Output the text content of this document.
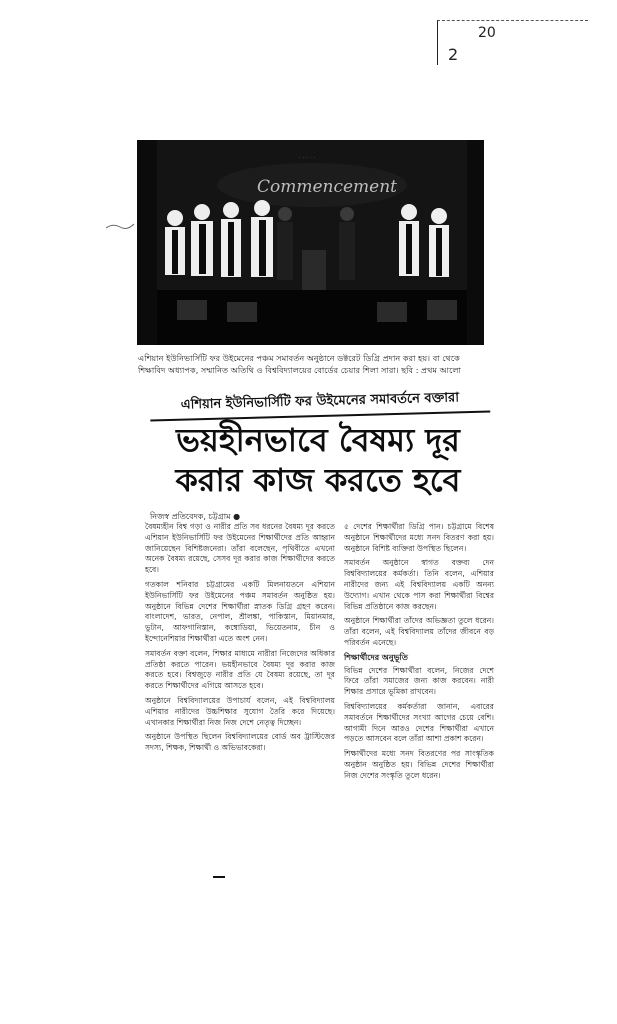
20
2
Commencement
· · · · ·
এশিয়ান ইউনিভার্সিটি ফর উইমেনের পঞ্চম সমাবর্তন অনুষ্ঠানে ডক্টরেট ডিগ্রি প্রদান করা হয়। বা থেকে শিক্ষাবিদ অধ্যাপক, সম্মানিত অতিথি ও বিশ্ববিদ্যালয়ের বোর্ডের চেয়ার শিলা সারা। ছবি : প্রথম আলো
এশিয়ান ইউনিভার্সিটি ফর উইমেনের সমাবর্তনে বক্তারা
ভয়হীনভাবে বৈষম্য দূর
করার কাজ করতে হবে
নিজস্ব প্রতিবেদক, চট্টগ্রাম ●

বৈষম্যহীন বিশ্ব গড়া ও নারীর প্রতি সব ধরনের বৈষম্য দূর করতে এশিয়ান ইউনিভার্সিটি ফর উইমেনের শিক্ষার্থীদের প্রতি আহ্বান জানিয়েছেন বিশিষ্টজনেরা। তাঁরা বলেছেন, পৃথিবীতে এখনো অনেক বৈষম্য রয়েছে, সেসব দূর করার কাজ শিক্ষার্থীদের করতে হবে।

গতকাল শনিবার চট্টগ্রামের একটি মিলনায়তনে এশিয়ান ইউনিভার্সিটি ফর উইমেনের পঞ্চম সমাবর্তন অনুষ্ঠিত হয়। অনুষ্ঠানে বিভিন্ন দেশের শিক্ষার্থীরা স্নাতক ডিগ্রি গ্রহণ করেন। বাংলাদেশ, ভারত, নেপাল, শ্রীলঙ্কা, পাকিস্তান, মিয়ানমার, ভুটান, আফগানিস্তান, কম্বোডিয়া, ভিয়েতনাম, চীন ও ইন্দোনেশিয়ার শিক্ষার্থীরা এতে অংশ নেন।

সমাবর্তন বক্তা বলেন, শিক্ষার মাধ্যমে নারীরা নিজেদের অধিকার প্রতিষ্ঠা করতে পারেন। ভয়হীনভাবে বৈষম্য দূর করার কাজ করতে হবে। বিশ্বজুড়ে নারীর প্রতি যে বৈষম্য রয়েছে, তা দূর করতে শিক্ষার্থীদের এগিয়ে আসতে হবে।

অনুষ্ঠানে বিশ্ববিদ্যালয়ের উপাচার্য বলেন, এই বিশ্ববিদ্যালয় এশিয়ার নারীদের উচ্চশিক্ষার সুযোগ তৈরি করে দিয়েছে। এখানকার শিক্ষার্থীরা নিজ নিজ দেশে নেতৃত্ব দিচ্ছেন।

অনুষ্ঠানে উপস্থিত ছিলেন বিশ্ববিদ্যালয়ের বোর্ড অব ট্রাস্টিজের সদস্য, শিক্ষক, শিক্ষার্থী ও অভিভাবকেরা।

৫ দেশের শিক্ষার্থীরা ডিগ্রি পান। চট্টগ্রামে বিশেষ অনুষ্ঠানে শিক্ষার্থীদের মধ্যে সনদ বিতরণ করা হয়। অনুষ্ঠানে বিশিষ্ট ব্যক্তিরা উপস্থিত ছিলেন।

সমাবর্তন অনুষ্ঠানে স্বাগত বক্তব্য দেন বিশ্ববিদ্যালয়ের কর্মকর্তা। তিনি বলেন, এশিয়ার নারীদের জন্য এই বিশ্ববিদ্যালয় একটি অনন্য উদ্যোগ। এখান থেকে পাস করা শিক্ষার্থীরা বিশ্বের বিভিন্ন প্রতিষ্ঠানে কাজ করছেন।

অনুষ্ঠানে শিক্ষার্থীরা তাঁদের অভিজ্ঞতা তুলে ধরেন। তাঁরা বলেন, এই বিশ্ববিদ্যালয় তাঁদের জীবনে বড় পরিবর্তন এনেছে।

শিক্ষার্থীদের অনুভূতি

বিভিন্ন দেশের শিক্ষার্থীরা বলেন, নিজের দেশে ফিরে তাঁরা সমাজের জন্য কাজ করবেন। নারী শিক্ষার প্রসারে ভূমিকা রাখবেন।

বিশ্ববিদ্যালয়ের কর্মকর্তারা জানান, এবারের সমাবর্তনে শিক্ষার্থীদের সংখ্যা আগের চেয়ে বেশি। আগামী দিনে আরও দেশের শিক্ষার্থীরা এখানে পড়তে আসবেন বলে তাঁরা আশা প্রকাশ করেন।

শিক্ষার্থীদের মধ্যে সনদ বিতরণের পর সাংস্কৃতিক অনুষ্ঠান অনুষ্ঠিত হয়। বিভিন্ন দেশের শিক্ষার্থীরা নিজ দেশের সংস্কৃতি তুলে ধরেন।
